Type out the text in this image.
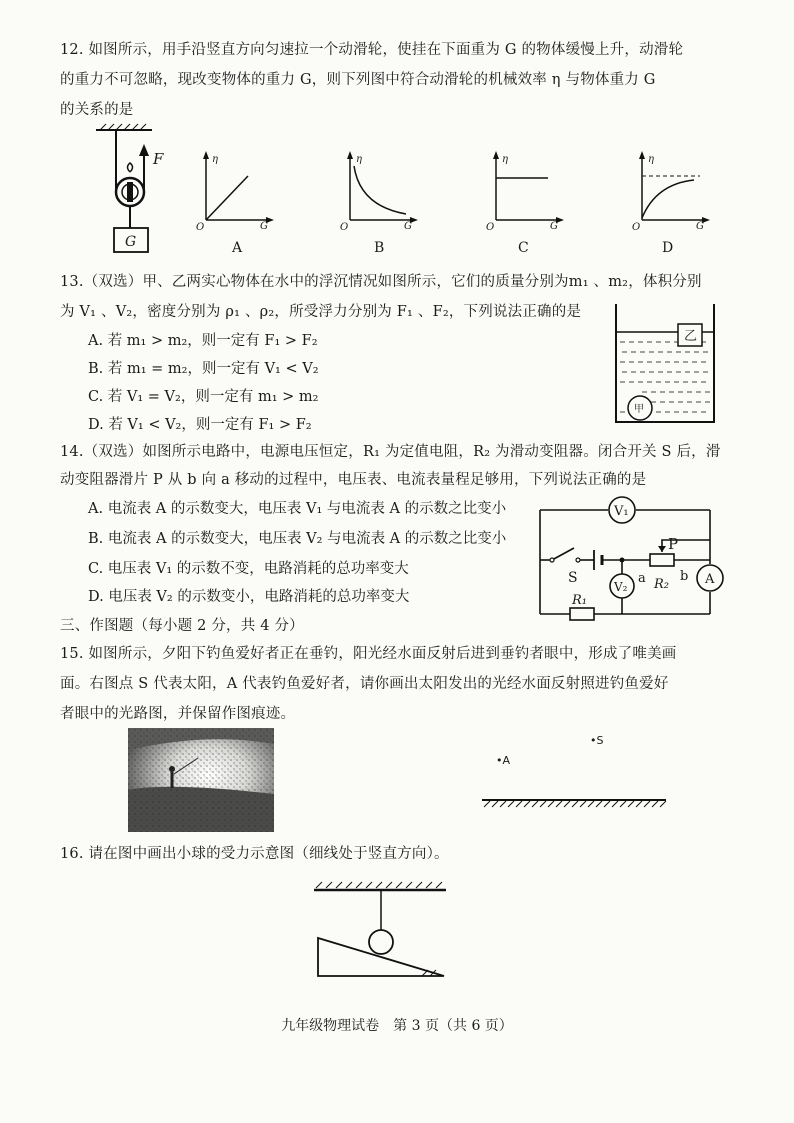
12. 如图所示，用手沿竖直方向匀速拉一个动滑轮，使挂在下面重为 G 的物体缓慢上升，动滑轮

的重力不可忽略，现改变物体的重力 G，则下列图中符合动滑轮的机械效率 η 与物体重力 G

的关系的是

F
G
η
G
O
A
η
G
O
B
η
G
O
C
η
G
O
D

13.（双选）甲、乙两实心物体在水中的浮沉情况如图所示，它们的质量分别为m₁ 、m₂，体积分别

为 V₁ 、V₂，密度分别为 ρ₁ 、ρ₂，所受浮力分别为 F₁ 、F₂，下列说法正确的是

A. 若 m₁ > m₂，则一定有 F₁ > F₂
B. 若 m₁ = m₂，则一定有 V₁ < V₂
C. 若 V₁ = V₂，则一定有 m₁ > m₂
D. 若 V₁ < V₂，则一定有 F₁ > F₂
乙
甲

14.（双选）如图所示电路中，电源电压恒定，R₁ 为定值电阻，R₂ 为滑动变阻器。闭合开关 S 后，滑

动变阻器滑片 P 从 b 向 a 移动的过程中，电压表、电流表量程足够用，下列说法正确的是

A. 电流表 A 的示数变大，电压表 V₁ 与电流表 A 的示数之比变小
B. 电流表 A 的示数变大，电压表 V₂ 与电流表 A 的示数之比变小
C. 电压表 V₁ 的示数不变，电路消耗的总功率变大
D. 电压表 V₂ 的示数变小，电路消耗的总功率变大
V₁
V₂	A
S
P
a	b
R₂
R₁

三、作图题（每小题 2 分，共 4 分）

15. 如图所示，夕阳下钓鱼爱好者正在垂钓，阳光经水面反射后进到垂钓者眼中，形成了唯美画

面。右图点 S 代表太阳，A 代表钓鱼爱好者，请你画出太阳发出的光经水面反射照进钓鱼爱好

者眼中的光路图，并保留作图痕迹。

•S
•A

16. 请在图中画出小球的受力示意图（细线处于竖直方向）。

九年级物理试卷　第 3 页（共 6 页）
